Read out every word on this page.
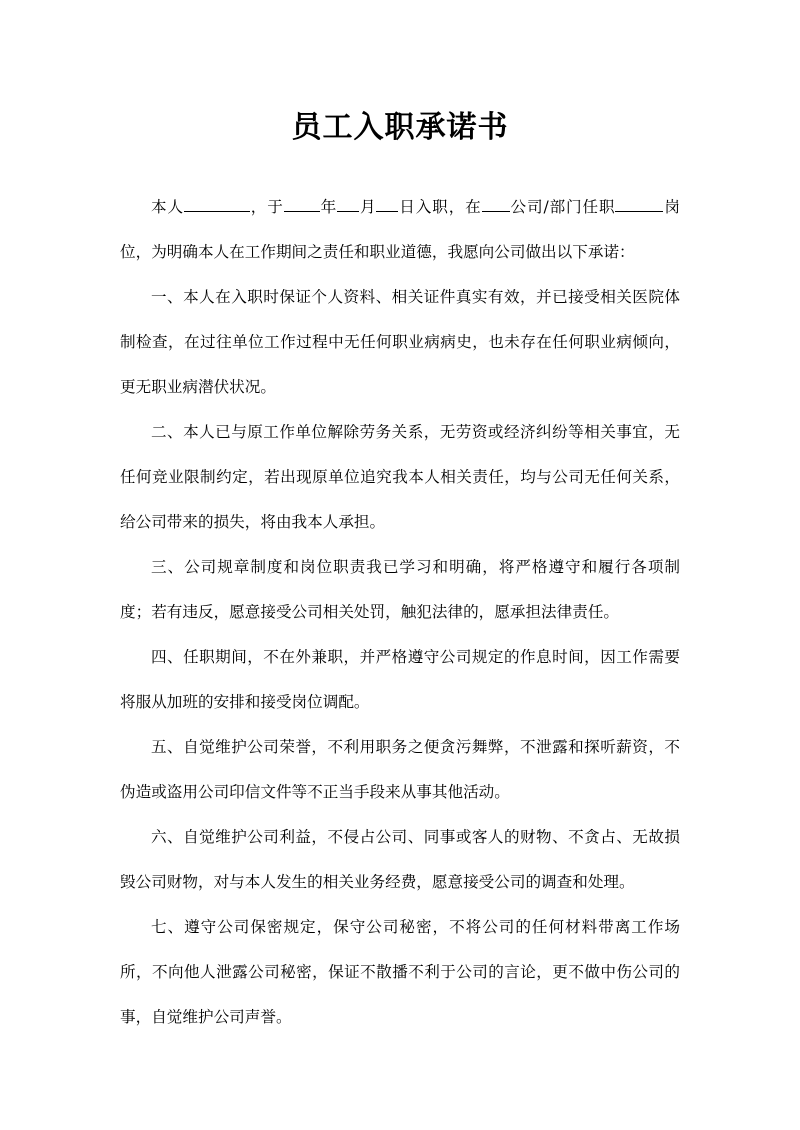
员工入职承诺书

本人	，于 年 月 日入职，在 公司/部门任职	岗位，为明确本人在工作期间之责任和职业道德，我愿向公司做出以下承诺：

一、本人在入职时保证个人资料、相关证件真实有效，并已接受相关医院体制检查，在过往单位工作过程中无任何职业病病史，也未存在任何职业病倾向，更无职业病潜伏状况。

二、本人已与原工作单位解除劳务关系，无劳资或经济纠纷等相关事宜，无任何竞业限制约定，若出现原单位追究我本人相关责任，均与公司无任何关系，给公司带来的损失，将由我本人承担。

三、公司规章制度和岗位职责我已学习和明确，将严格遵守和履行各项制度；若有违反，愿意接受公司相关处罚，触犯法律的，愿承担法律责任。

四、任职期间，不在外兼职，并严格遵守公司规定的作息时间，因工作需要将服从加班的安排和接受岗位调配。

五、自觉维护公司荣誉，不利用职务之便贪污舞弊，不泄露和探听薪资，不伪造或盗用公司印信文件等不正当手段来从事其他活动。

六、自觉维护公司利益，不侵占公司、同事或客人的财物、不贪占、无故损毁公司财物，对与本人发生的相关业务经费，愿意接受公司的调查和处理。

七、遵守公司保密规定，保守公司秘密，不将公司的任何材料带离工作场所，不向他人泄露公司秘密，保证不散播不利于公司的言论，更不做中伤公司的事，自觉维护公司声誉。
